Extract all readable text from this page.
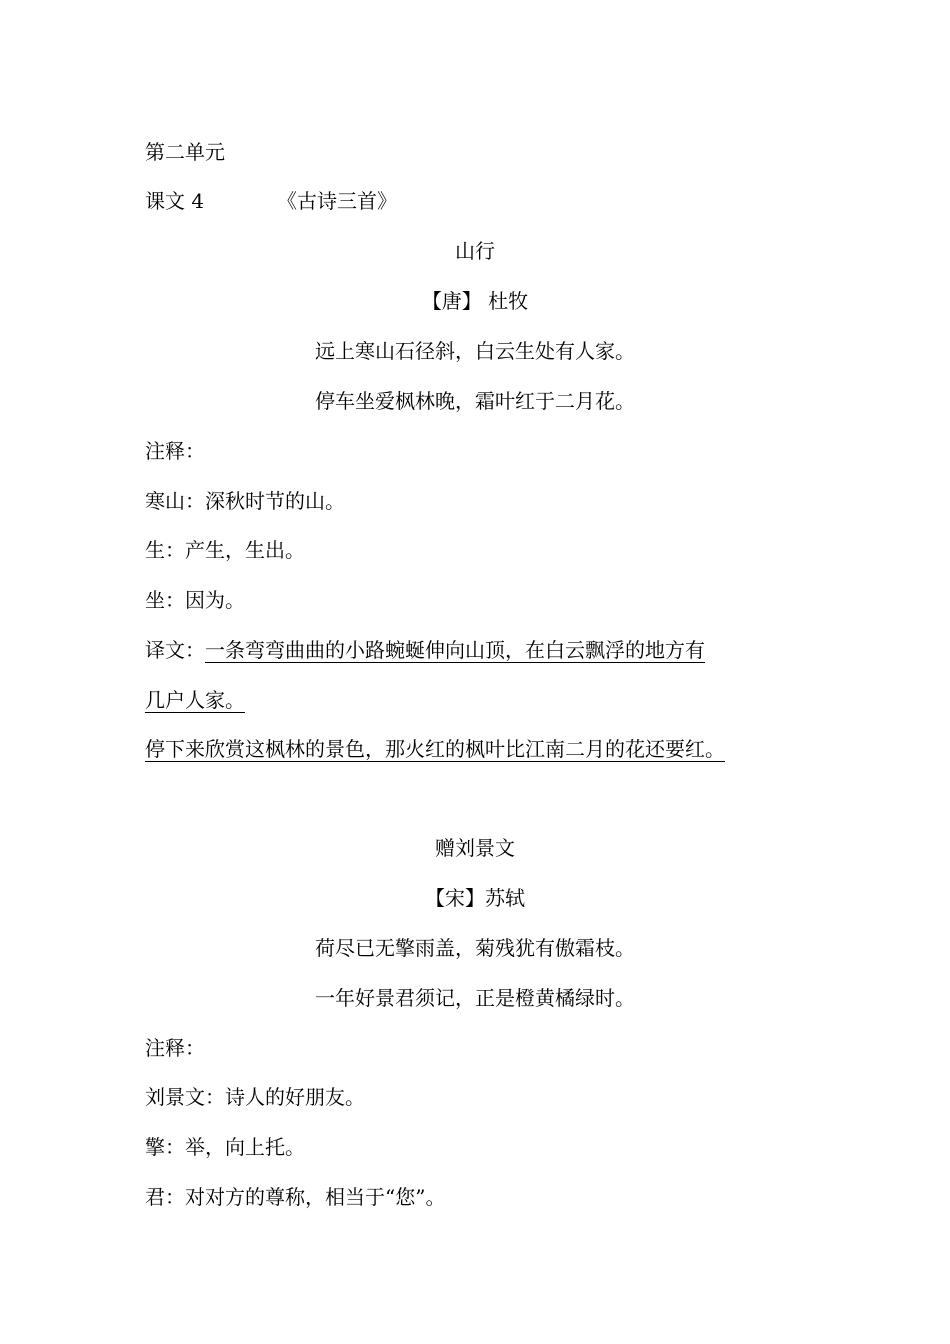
第二单元
课文 4	《古诗三首》
山行
【唐】 杜牧
远上寒山石径斜，白云生处有人家。
停车坐爱枫林晚，霜叶红于二月花。
注释：
寒山：深秋时节的山。
生：产生，生出。
坐：因为。
译文：一条弯弯曲曲的小路蜿蜒伸向山顶，在白云飘浮的地方有
几户人家。
停下来欣赏这枫林的景色，那火红的枫叶比江南二月的花还要红。
赠刘景文
【宋】苏轼
荷尽已无擎雨盖，菊残犹有傲霜枝。
一年好景君须记，正是橙黄橘绿时。
注释：
刘景文：诗人的好朋友。
擎：举，向上托。
君：对对方的尊称，相当于“您”。
